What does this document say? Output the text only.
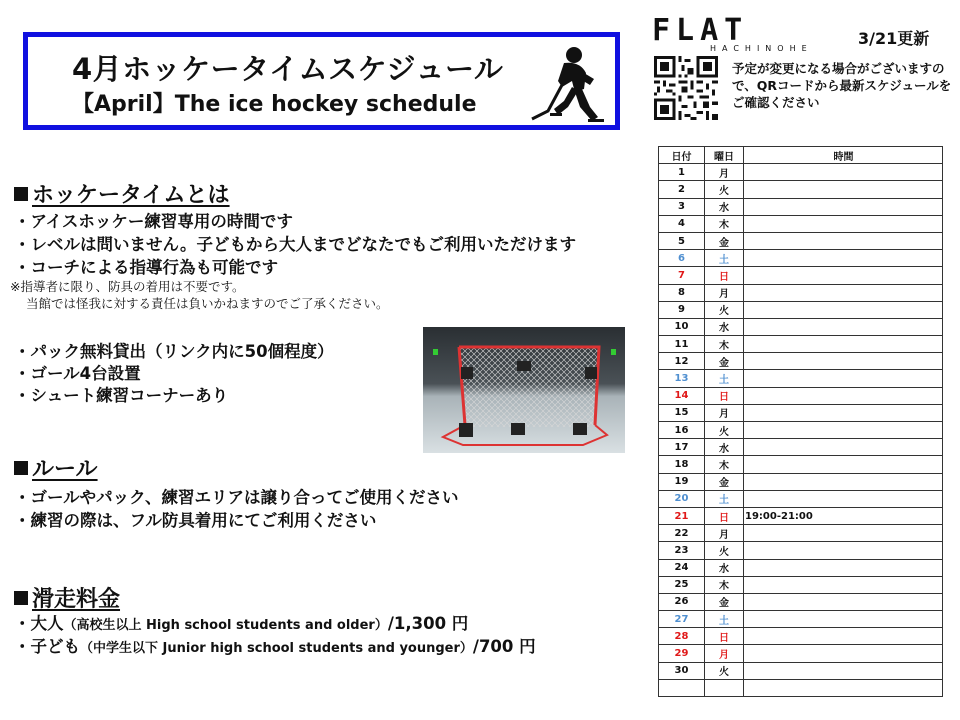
4月ホッケータイムスケジュール
【April】The ice hockey schedule
FLAT
HACHINOHE
3/21更新
予定が変更になる場合がございますので、QRコードから最新スケジュールをご確認ください
ホッケータイムとは
・アイスホッケー練習専用の時間です
・レベルは問いません。子どもから大人までどなたでもご利用いただけます
・コーチによる指導行為も可能です
※指導者に限り、防具の着用は不要です。
当館では怪我に対する責任は負いかねますのでご了承ください。
・パック無料貸出（リンク内に50個程度）
・ゴール4台設置
・シュート練習コーナーあり
ルール
・ゴールやパック、練習エリアは譲り合ってご使用ください
・練習の際は、フル防具着用にてご利用ください
滑走料金
・大人（高校生以上 High school students and older）/1,300 円
・子ども（中学生以下 Junior high school students and younger）/700 円
日付	曜日	時間
1	月	
2	火	
3	水	
4	木	
5	金	
6	土	
7	日	
8	月	
9	火	
10	水	
11	木	
12	金	
13	土	
14	日	
15	月	
16	火	
17	水	
18	木	
19	金	
20	土	
21	日	19:00-21:00
22	月	
23	火	
24	水	
25	木	
26	金	
27	土	
28	日	
29	月	
30	火	
